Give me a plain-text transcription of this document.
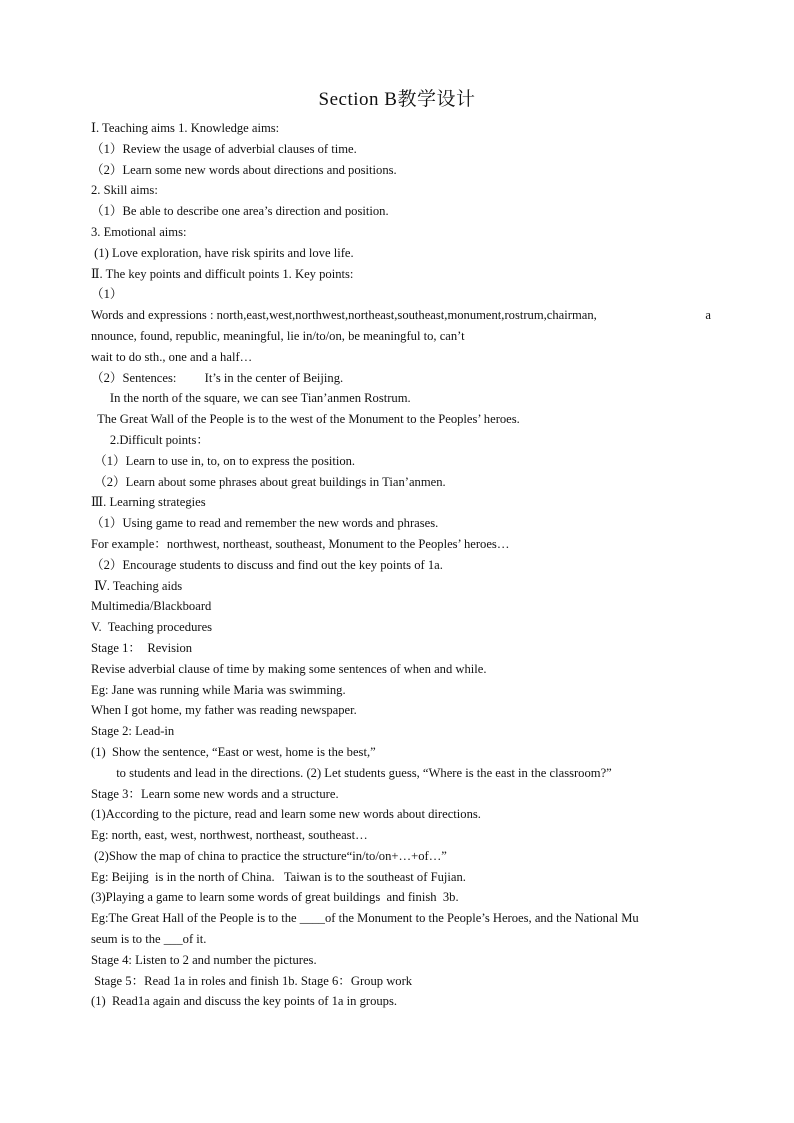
Section B教学设计
Ⅰ. Teaching aims 1. Knowledge aims:
（1）Review the usage of adverbial clauses of time.
（2）Learn some new words about directions and positions.
2. Skill aims:
（1）Be able to describe one area’s direction and position.
3. Emotional aims:
(1) Love exploration, have risk spirits and love life.
Ⅱ. The key points and difficult points 1. Key points:
（1）
Words and expressions : north,east,west,northwest,northeast,southeast,monument,rostrum,chairman,	a
nnounce, found, republic, meaningful, lie in/to/on, be meaningful to, can’t
wait to do sth., one and a half…
（2）Sentences:         It’s in the center of Beijing.
In the north of the square, we can see Tian’anmen Rostrum.
The Great Wall of the People is to the west of the Monument to the Peoples’ heroes.
2.Difficult points：
（1）Learn to use in, to, on to express the position.
（2）Learn about some phrases about great buildings in Tian’anmen.
Ⅲ. Learning strategies
（1）Using game to read and remember the new words and phrases.
For example：northwest, northeast, southeast, Monument to the Peoples’ heroes…
（2）Encourage students to discuss and find out the key points of 1a.
Ⅳ. Teaching aids
Multimedia/Blackboard
V.  Teaching procedures
Stage 1：  Revision
Revise adverbial clause of time by making some sentences of when and while.
Eg: Jane was running while Maria was swimming.
When I got home, my father was reading newspaper.
Stage 2: Lead-in
(1)  Show the sentence, “East or west, home is the best,”
to students and lead in the directions. (2) Let students guess, “Where is the east in the classroom?”
Stage 3：Learn some new words and a structure.
(1)According to the picture, read and learn some new words about directions.
Eg: north, east, west, northwest, northeast, southeast…
(2)Show the map of china to practice the structure“in/to/on+…+of…”
Eg: Beijing  is in the north of China.   Taiwan is to the southeast of Fujian.
(3)Playing a game to learn some words of great buildings  and finish  3b.
Eg:The Great Hall of the People is to the ____of the Monument to the People’s Heroes, and the National Mu
seum is to the ___of it.
Stage 4: Listen to 2 and number the pictures.
Stage 5：Read 1a in roles and finish 1b. Stage 6：Group work
(1)  Read1a again and discuss the key points of 1a in groups.
